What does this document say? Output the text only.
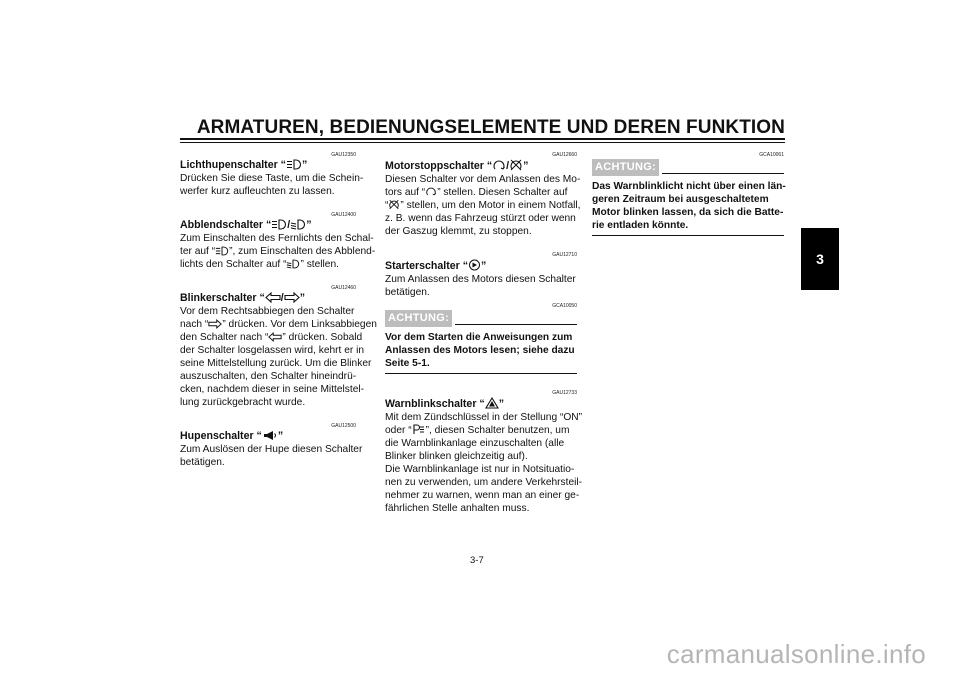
ARMATUREN, BEDIENUNGSELEMENTE UND DEREN FUNKTION
3
GAU12350
Lichthupenschalter “ ”

Drücken Sie diese Taste, um die Schein-

werfer kurz aufleuchten zu lassen.

GAU12400
Abblendschalter “ / ”

Zum Einschalten des Fernlichts den Schal-

ter auf “ ”, zum Einschalten des Abblend-

lichts den Schalter auf “ ” stellen.

GAU12460
Blinkerschalter “ / ”

Vor dem Rechtsabbiegen den Schalter

nach “ ” drücken. Vor dem Linksabbiegen

den Schalter nach “ ” drücken. Sobald

der Schalter losgelassen wird, kehrt er in

seine Mittelstellung zurück. Um die Blinker

auszuschalten, den Schalter hineindrü-

cken, nachdem dieser in seine Mittelstel-

lung zurückgebracht wurde.

GAU12500
Hupenschalter “ ”

Zum Auslösen der Hupe diesen Schalter

betätigen.

GAU12660
Motorstoppschalter “ / ”

Diesen Schalter vor dem Anlassen des Mo-

tors auf “ ” stellen. Diesen Schalter auf

“ ” stellen, um den Motor in einem Notfall,

z. B. wenn das Fahrzeug stürzt oder wenn

der Gaszug klemmt, zu stoppen.

GAU12710
Starterschalter “ ”

Zum Anlassen des Motors diesen Schalter

betätigen.

GCA10050
ACHTUNG:

Vor dem Starten die Anweisungen zum

Anlassen des Motors lesen; siehe dazu

Seite 5-1.

GAU12733
Warnblinkschalter “ ”

Mit dem Zündschlüssel in der Stellung “ON”

oder “ ”, diesen Schalter benutzen, um

die Warnblinkanlage einzuschalten (alle

Blinker blinken gleichzeitig auf).

Die Warnblinkanlage ist nur in Notsituatio-

nen zu verwenden, um andere Verkehrsteil-

nehmer zu warnen, wenn man an einer ge-

fährlichen Stelle anhalten muss.

GCA10061
ACHTUNG:

Das Warnblinklicht nicht über einen län-

geren Zeitraum bei ausgeschaltetem

Motor blinken lassen, da sich die Batte-

rie entladen könnte.

3-7
carmanualsonline.info
